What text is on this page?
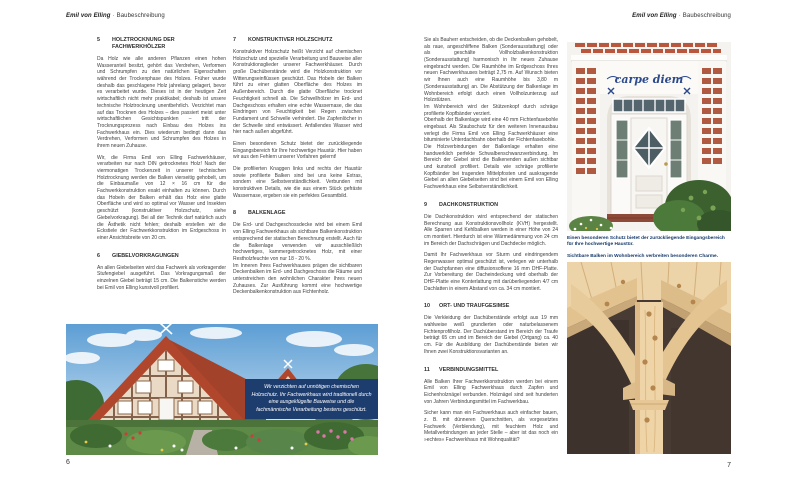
Emil von Elling · Baubeschreibung
5	HOLZTROCKNUNG DER FACHWERKHÖLZER

Da Holz wie alle anderen Pflanzen einen hohen Wasseranteil besitzt, gehört das Verdrehen, Verformen und Schrumpfen zu den natürlichen Eigenschaften während der Trockenphase des Holzes. Früher wurde deshalb das geschlagene Holz jahrelang gelagert, bevor es verarbeitet wurde. Dieses ist in der heutigen Zeit wirtschaftlich nicht mehr praktikabel; deshalb ist unsere technische Holztrocknung unentbehrlich. Verzichtet man auf das Trocknen des Holzes – dies passiert meist unter wirtschaftlichen Gesichtspunkten – tritt der Trocknungsprozess nach Einbau des Holzes ins Fachwerkhaus ein. Dies wiederum bedingt dann das Verdrehen, Verformen und Schrumpfen des Holzes in ihrem neuen Zuhause.

Wir, die Firma Emil von Elling Fachwerkhäuser, verarbeiten nur nach DIN getrocknetes Holz! Nach der viermonatigen Trockenzeit in unserer technischen Holztrocknung werden die Balken vierseitig gehobelt, um die Einbaumaße von 12 × 16 cm für die Fachwerkkonstruktion exakt einhalten zu können. Durch das Hobeln der Balken erhält das Holz eine glatte Oberfläche und wird so optimal vor Wasser und Insekten geschützt (konstruktiver Holzschutz, siehe Giebelvorkragung). Bei all der Technik darf natürlich auch die Ästhetik nicht fehlen; deshalb erstellen wir die Eckstiele der Fachwerkkonstruktion im Erdgeschoss in einer Ansichtsbreite von 20 cm.

6	GIEBELVORKRAGUNGEN

An allen Giebelseiten wird das Fachwerk als vorkragender Stufengiebel ausgeführt. Das Vorkragungsmaß der einzelnen Giebel beträgt 15 cm. Die Balkenstiche werden bei Emil von Elling kunstvoll profiliert.

7	KONSTRUKTIVER HOLZSCHUTZ

Konstruktiver Holzschutz heißt Verzicht auf chemischen Holzschutz und spezielle Verarbeitung und Bauweise aller Konstruktionsglieder unserer Fachwerkhäuser. Durch große Dachüberstände wird die Holzkonstruktion vor Witterungseinflüssen geschützt. Das Hobeln der Balken führt zu einer glatten Oberfläche des Holzes im Außenbereich. Durch die glatte Oberfläche trocknet Feuchtigkeit schnell ab. Die Schwellhölzer im Erd- und Dachgeschoss erhalten eine echte Wassernase, die das Eindringen von Feuchtigkeit bei Regen zwischen Fundament und Schwelle verhindert. Die Zapfenlöcher in der Schwelle sind entwässert. Anfallendes Wasser wird hier nach außen abgeführt.

Einen besonderen Schutz bietet der zurückliegende Eingangsbereich für Ihre hochwertige Haustür. Hier haben wir aus den Fehlern unserer Vorfahren gelernt!

Die profilierten Knaggen links und rechts der Haustür sowie profilierte Balken sind bei uns keine Extras, sondern eine Selbstverständlichkeit. Verbunden mit konstruktiven Details, wie die aus einem Stück gefräste Wassernase, ergeben sie ein perfektes Gesamtbild.

8	BALKENLAGE

Die Erd- und Dachgeschossdecke wird bei einem Emil von Elling Fachwerkhaus als sichtbare Balkenkonstruktion entsprechend der statischen Berechnung erstellt. Auch für die Balkenlage verwenden wir ausschließlich hochwertiges, kammergetrocknetes Holz, mit einer Restholzfeuchte von nur 18 - 20 %.

Im Inneren Ihres Fachwerkhauses prägen die sichtbaren Deckenbalken im Erd- und Dachgeschoss die Räume und unterstreichen den wohnlichen Charakter Ihres neuen Zuhauses. Zur Ausführung kommt eine hochwertige Deckenbalkenkonstruktion aus Fichtenholz.

Wir verzichten auf unnötigen chemischen Holzschutz. Ihr Fachwerkhaus wird traditionell durch eine ausgeklügelte Bauweise und die fachmännische Verarbeitung bestens geschützt.
6
Emil von Elling · Baubeschreibung

Sie als Bauherr entscheiden, ob die Deckenbalken gehobelt, als raue, angeschliffene Balken (Sonderausstattung) oder als geschälte Vollholzbalkenkonstruktion (Sonderausstattung) harmonisch in Ihr neues Zuhause eingebracht werden. Die Raumhöhe im Erdgeschoss Ihres neuen Fachwerkhauses beträgt 2,75 m. Auf Wunsch bieten wir Ihnen auch eine Raumhöhe bis 3,80 m (Sonderausstattung) an. Die Abstützung der Balkenlage im Wohnbereich erfolgt durch einen Vollholzunterzug auf Holzstützen.

Im Wohnbereich wird der Stützenkopf durch schräge profilierte Kopfbänder verziert.

Oberhalb der Balkenlage wird eine 40 mm Fichtenfasebohle eingebaut. Als Staubschutz für den weiteren Innenausbau verlegt die Firma Emil von Elling Fachwerkhäuser eine bituminierte Unterdachbahn oberhalb der Fichtenfasebohle.

Die Holzverbindungen der Balkenlage erhalten eine handwerklich perfekte Schwalbenschwanzverbindung. Im Bereich der Giebel sind die Balkenenden außen sichtbar und kunstvoll profiliert. Details wie schräge profilierte Kopfbänder bei tragenden Mittelpfosten und auskragende Giebel an allen Giebelseiten sind bei einem Emil von Elling Fachwerkhaus eine Selbstverständlichkeit.

9	DACHKONSTRUKTION

Die Dachkonstruktion wird entsprechend der statischen Berechnung aus Konstruktionsvollholz (KVH) hergestellt. Alle Sparren und Kehlbalken werden in einer Höhe von 24 cm montiert. Hierdurch ist eine Wärmedämmung von 24 cm im Bereich der Dachschrägen und Dachdecke möglich.

Damit Ihr Fachwerkhaus vor Sturm und eindringendem Regenwasser optimal geschützt ist, verlegen wir unterhalb der Dachpfannen eine diffusionsoffene 16 mm DHF-Platte. Zur Vorbereitung der Dacheindeckung wird oberhalb der DHF-Platte eine Konterlattung mit darüberliegenden 4/7 cm Dachlatten in einem Abstand von ca. 34 cm montiert.

10	ORT- UND TRAUFGESIMSE

Die Verkleidung der Dachüberstände erfolgt aus 19 mm wahlweise weiß grundierten oder naturbelassenem Fichtenprofilholz. Der Dachüberstand im Bereich der Traufe beträgt 65 cm und im Bereich der Giebel (Ortgang) ca. 40 cm. Für die Ausbildung der Dachüberstände bieten wir Ihnen zwei Konstruktionsvarianten an.

11	VERBINDUNGSMITTEL

Alle Balken Ihrer Fachwerkkonstruktion werden bei einem Emil von Elling Fachwerkhaus durch Zapfen und Eichenholznägel verbunden. Holznägel sind seit hunderten von Jahren Verbindungsmittel im Fachwerkbau.

Sicher kann man ein Fachwerkhaus auch einfacher bauen, z. B. mit dünneren Querschnitten, als vorgesetztes Fachwerk (Verblendung), mit feuchtem Holz und Metallverbindungen an jeder Stelle – aber ist das noch ein »echtes« Fachwerkhaus mit Wohnqualität?

carpe diem
Einen besonderen Schutz bietet der zurückliegende Eingangsbereich für Ihre hochwertige Haustür.
Sichtbare Balken im Wohnbereich verbreiten besonderen Charme.
7
